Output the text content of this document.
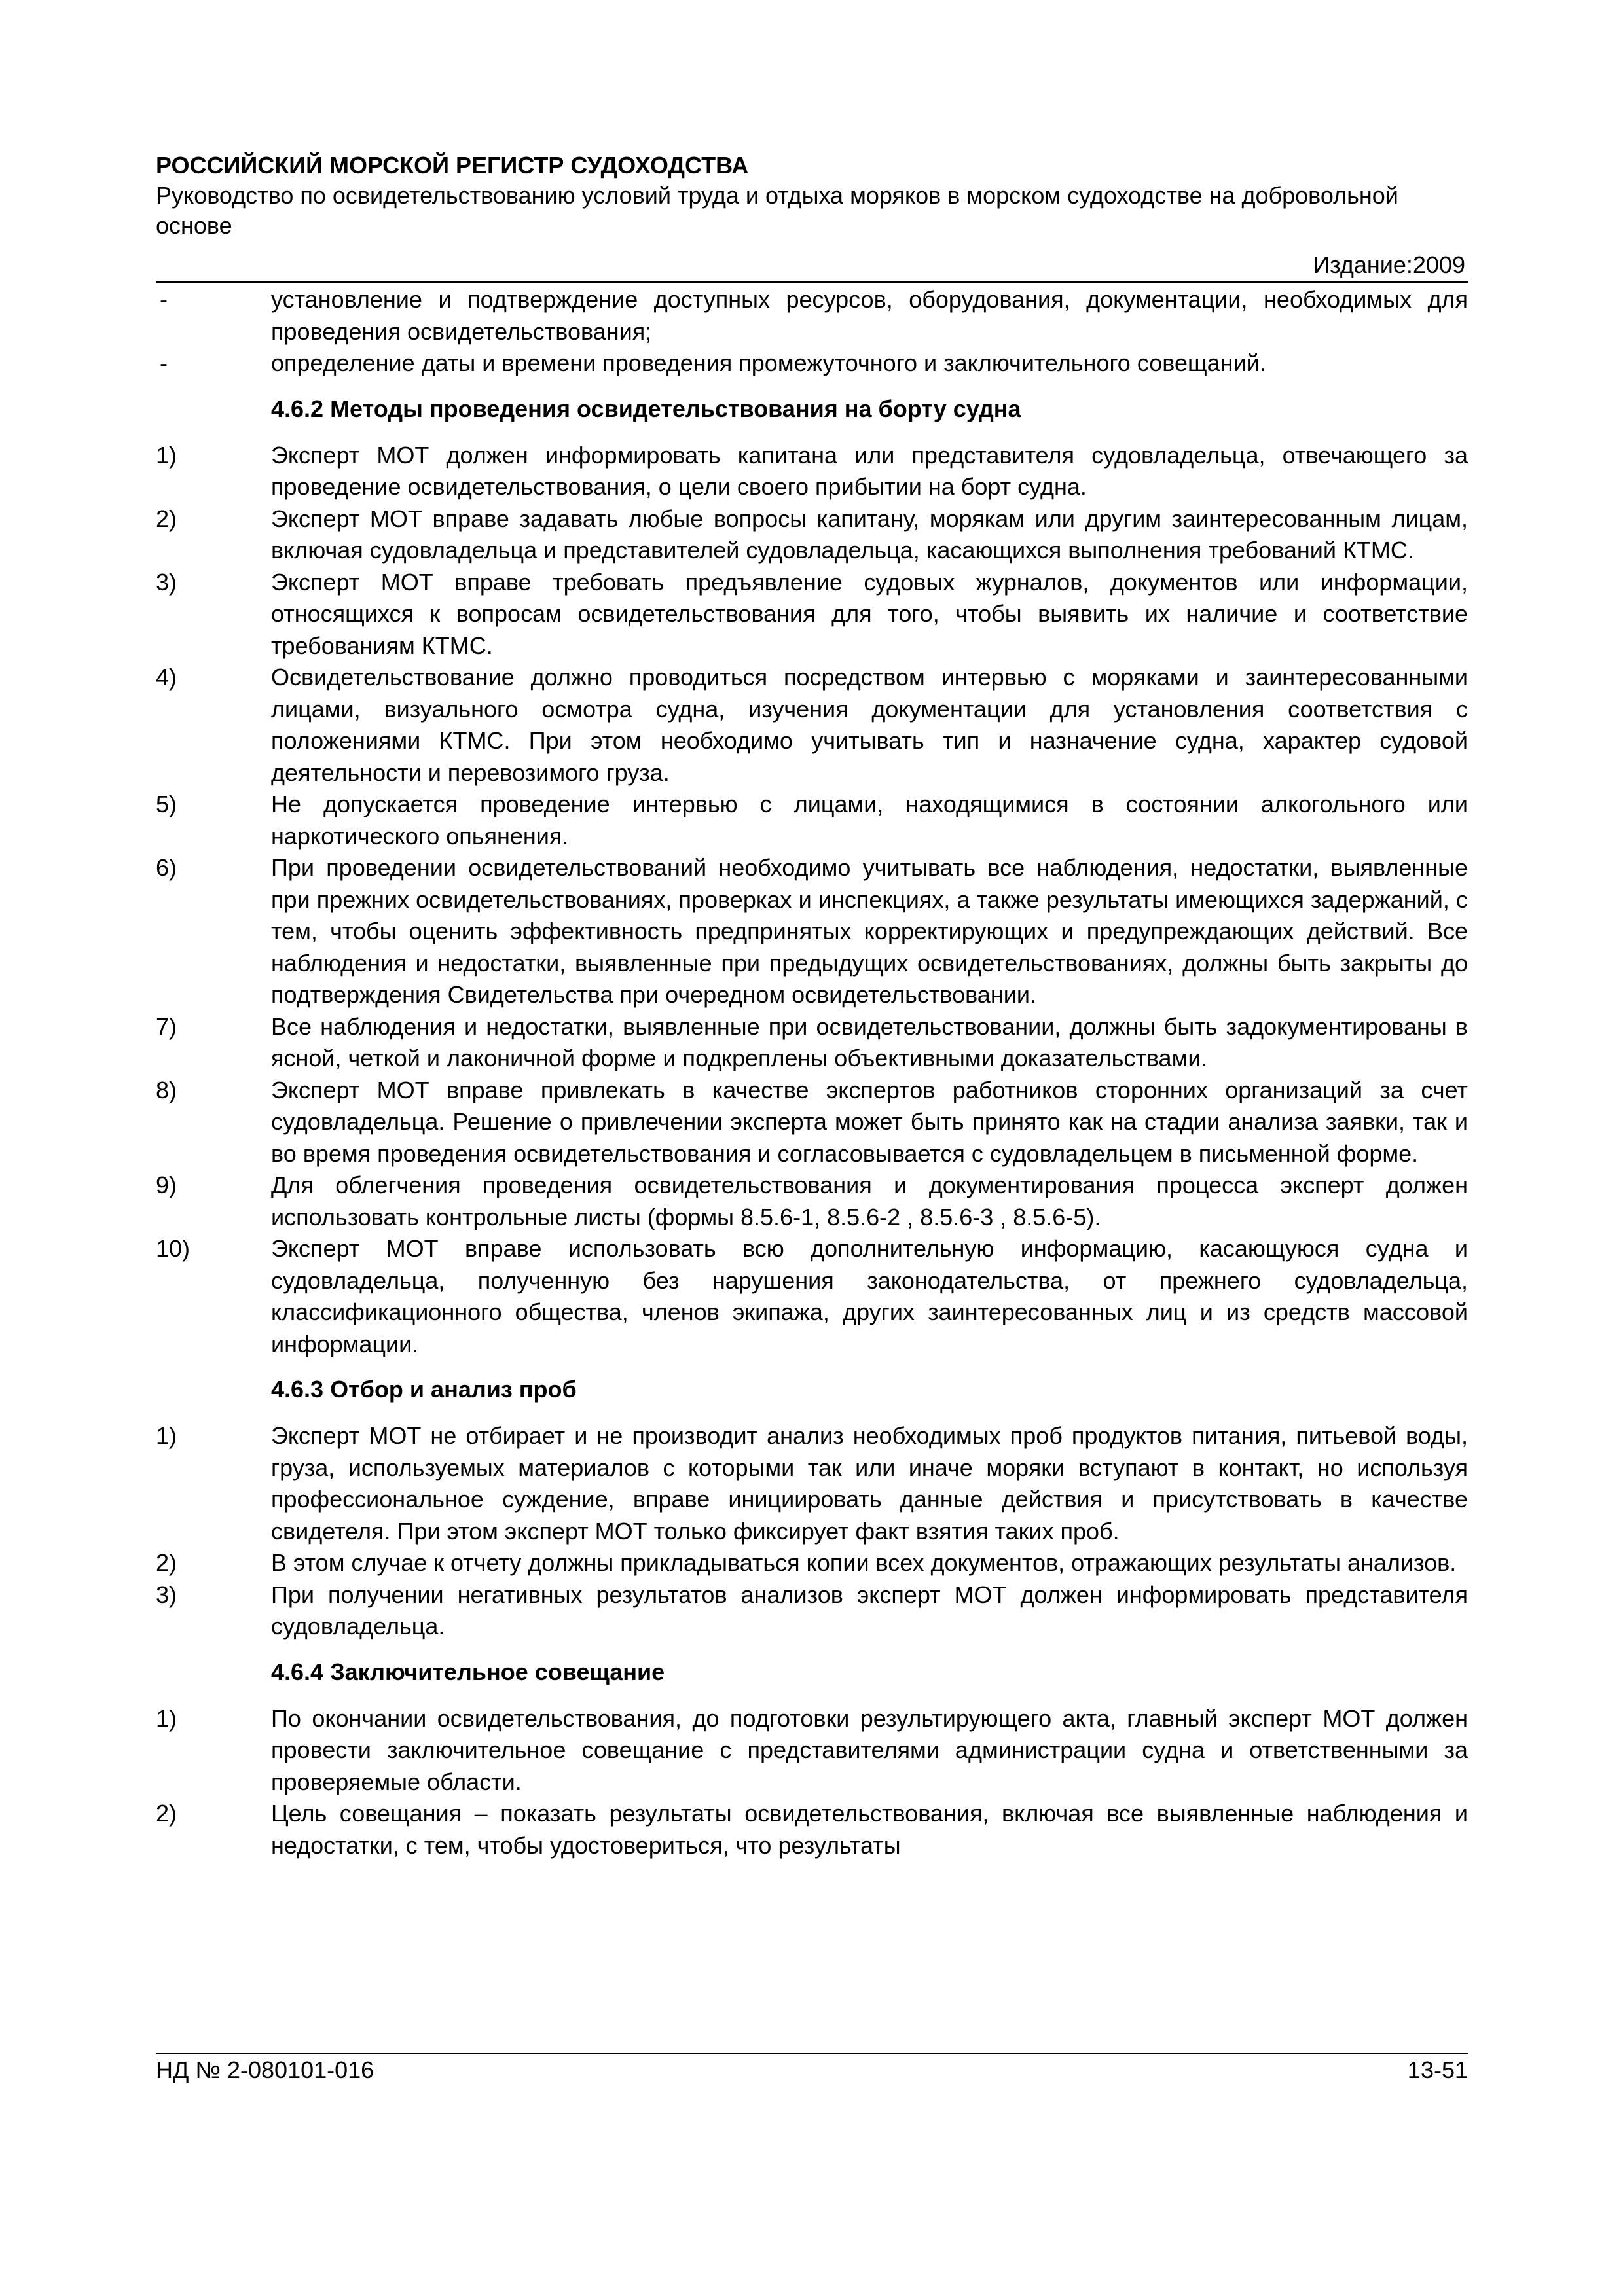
РОССИЙСКИЙ МОРСКОЙ РЕГИСТР СУДОХОДСТВА

Руководство по освидетельствованию условий труда и отдыха моряков в морском судоходстве на добровольной основе

Издание:2009
-	установление и подтверждение доступных ресурсов, оборудования, документации, необходимых для проведения освидетельствования;
-	определение даты и времени проведения промежуточного и заключительного совещаний.
4.6.2 Методы проведения освидетельствования на борту судна
1)	Эксперт МОТ должен информировать капитана или представителя судовладельца, отвечающего за проведение освидетельствования, о цели своего прибытии на борт судна.
2)	Эксперт МОТ вправе задавать любые вопросы капитану, морякам или другим заинтересованным лицам, включая судовладельца и представителей судовладельца, касающихся выполнения требований КТМС.
3)	Эксперт МОТ вправе требовать предъявление судовых журналов, документов или информации, относящихся к вопросам освидетельствования для того, чтобы выявить их наличие и соответствие требованиям КТМС.
4)	Освидетельствование должно проводиться посредством интервью с моряками и заинтересованными лицами, визуального осмотра судна, изучения документации для установления соответствия с положениями КТМС. При этом необходимо учитывать тип и назначение судна, характер судовой деятельности и перевозимого груза.
5)	Не допускается проведение интервью с лицами, находящимися в состоянии алкогольного или наркотического опьянения.
6)	При проведении освидетельствований необходимо учитывать все наблюдения, недостатки, выявленные при прежних освидетельствованиях, проверках и инспекциях, а также результаты имеющихся задержаний, с тем, чтобы оценить эффективность предпринятых корректирующих и предупреждающих действий. Все наблюдения и недостатки, выявленные при предыдущих освидетельствованиях, должны быть закрыты до подтверждения Свидетельства при очередном освидетельствовании.
7)	Все наблюдения и недостатки, выявленные при освидетельствовании, должны быть задокументированы в ясной, четкой и лаконичной форме и подкреплены объективными доказательствами.
8)	Эксперт МОТ вправе привлекать в качестве экспертов работников сторонних организаций за счет судовладельца. Решение о привлечении эксперта может быть принято как на стадии анализа заявки, так и во время проведения освидетельствования и согласовывается с судовладельцем в письменной форме.
9)	Для облегчения проведения освидетельствования и документирования процесса эксперт должен использовать контрольные листы (формы 8.5.6-1, 8.5.6-2 , 8.5.6-3 , 8.5.6-5).
10)	Эксперт МОТ вправе использовать всю дополнительную информацию, касающуюся судна и судовладельца, полученную без нарушения законодательства, от прежнего судовладельца, классификационного общества, членов экипажа, других заинтересованных лиц и из средств массовой информации.
4.6.3 Отбор и анализ проб
1)	Эксперт МОТ не отбирает и не производит анализ необходимых проб продуктов питания, питьевой воды, груза, используемых материалов с которыми так или иначе моряки вступают в контакт, но используя профессиональное суждение, вправе инициировать данные действия и присутствовать в качестве свидетеля. При этом эксперт МОТ только фиксирует факт взятия таких проб.
2)	В этом случае к отчету должны прикладываться копии всех документов, отражающих результаты анализов.
3)	При получении негативных результатов анализов эксперт МОТ должен информировать представителя судовладельца.
4.6.4 Заключительное совещание
1)	По окончании освидетельствования, до подготовки результирующего акта, главный эксперт МОТ должен провести заключительное совещание с представителями администрации судна и ответственными за проверяемые области.
2)	Цель совещания – показать результаты освидетельствования, включая все выявленные наблюдения и недостатки, с тем, чтобы удостовериться, что результаты
НД № 2-080101-016	13-51
